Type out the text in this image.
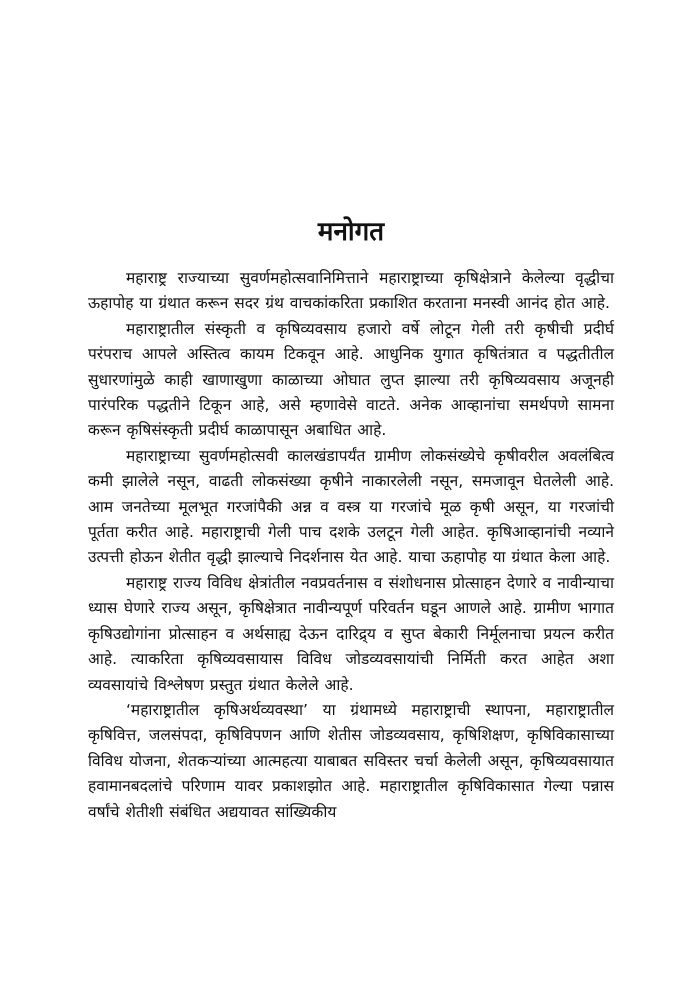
मनोगत

महाराष्ट्र राज्याच्या सुवर्णमहोत्सवानिमित्ताने महाराष्ट्राच्या कृषिक्षेत्राने केलेल्या वृद्धीचा ऊहापोह या ग्रंथात करून सदर ग्रंथ वाचकांकरिता प्रकाशित करताना मनस्वी आनंद होत आहे.

महाराष्ट्रातील संस्कृती व कृषिव्यवसाय हजारो वर्षे लोटून गेली तरी कृषीची प्रदीर्घ परंपराच आपले अस्तित्व कायम टिकवून आहे. आधुनिक युगात कृषितंत्रात व पद्धतीतील सुधारणांमुळे काही खाणाखुणा काळाच्या ओघात लुप्त झाल्या तरी कृषिव्यवसाय अजूनही पारंपरिक पद्धतीने टिकून आहे, असे म्हणावेसे वाटते. अनेक आव्हानांचा समर्थपणे सामना करून कृषिसंस्कृती प्रदीर्घ काळापासून अबाधित आहे.

महाराष्ट्राच्या सुवर्णमहोत्सवी कालखंडापर्यंत ग्रामीण लोकसंख्येचे कृषीवरील अवलंबित्व कमी झालेले नसून, वाढती लोकसंख्या कृषीने नाकारलेली नसून, समजावून घेतलेली आहे. आम जनतेच्या मूलभूत गरजांपैकी अन्न व वस्त्र या गरजांचे मूळ कृषी असून, या गरजांची पूर्तता करीत आहे. महाराष्ट्राची गेली पाच दशके उलटून गेली आहेत. कृषिआव्हानांची नव्याने उत्पत्ती होऊन शेतीत वृद्धी झाल्याचे निदर्शनास येत आहे. याचा ऊहापोह या ग्रंथात केला आहे.

महाराष्ट्र राज्य विविध क्षेत्रांतील नवप्रवर्तनास व संशोधनास प्रोत्साहन देणारे व नावीन्याचा ध्यास घेणारे राज्य असून, कृषिक्षेत्रात नावीन्यपूर्ण परिवर्तन घडून आणले आहे. ग्रामीण भागात कृषिउद्योगांना प्रोत्साहन व अर्थसाह्य देऊन दारिद्र्य व सुप्त बेकारी निर्मूलनाचा प्रयत्न करीत आहे. त्याकरिता कृषिव्यवसायास विविध जोडव्यवसायांची निर्मिती करत आहेत अशा व्यवसायांचे विश्लेषण प्रस्तुत ग्रंथात केलेले आहे.

‘महाराष्ट्रातील कृषिअर्थव्यवस्था’ या ग्रंथामध्ये महाराष्ट्राची स्थापना, महाराष्ट्रातील कृषिवित्त, जलसंपदा, कृषिविपणन आणि शेतीस जोडव्यवसाय, कृषिशिक्षण, कृषिविकासाच्या विविध योजना, शेतकऱ्यांच्या आत्महत्या याबाबत सविस्तर चर्चा केलेली असून, कृषिव्यवसायात हवामानबदलांचे परिणाम यावर प्रकाशझोत आहे. महाराष्ट्रातील कृषिविकासात गेल्या पन्नास वर्षांचे शेतीशी संबंधित अद्ययावत सांख्यिकीय
